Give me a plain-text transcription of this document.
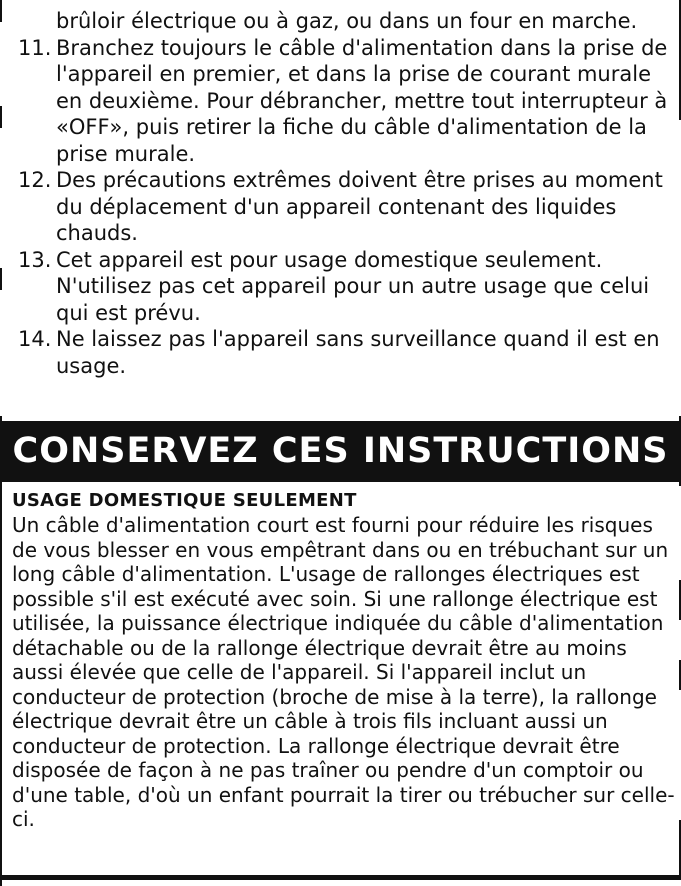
brûloir électrique ou à gaz, ou dans un four en marche.
11. Branchez toujours le câble d'alimentation dans la prise de l'appareil en premier, et dans la prise de courant murale en deuxième. Pour débrancher, mettre tout interrupteur à «OFF», puis retirer la fiche du câble d'alimentation de la prise murale.
12. Des précautions extrêmes doivent être prises au moment du déplacement d'un appareil contenant des liquides chauds.
13. Cet appareil est pour usage domestique seulement. N'utilisez pas cet appareil pour un autre usage que celui qui est prévu.
14. Ne laissez pas l'appareil sans surveillance quand il est en usage.
CONSERVEZ CES INSTRUCTIONS
USAGE DOMESTIQUE SEULEMENT

Un câble d'alimentation court est fourni pour réduire les risques de vous blesser en vous empêtrant dans ou en trébuchant sur un long câble d'alimentation. L'usage de rallonges électriques est possible s'il est exécuté avec soin. Si une rallonge électrique est utilisée, la puissance électrique indiquée du câble d'alimentation détachable ou de la rallonge électrique devrait être au moins aussi élevée que celle de l'appareil. Si l'appareil inclut un conducteur de protection (broche de mise à la terre), la rallonge électrique devrait être un câble à trois fils incluant aussi un conducteur de protection. La rallonge électrique devrait être disposée de façon à ne pas traîner ou pendre d'un comptoir ou d'une table, d'où un enfant pourrait la tirer ou trébucher sur celle-ci.
